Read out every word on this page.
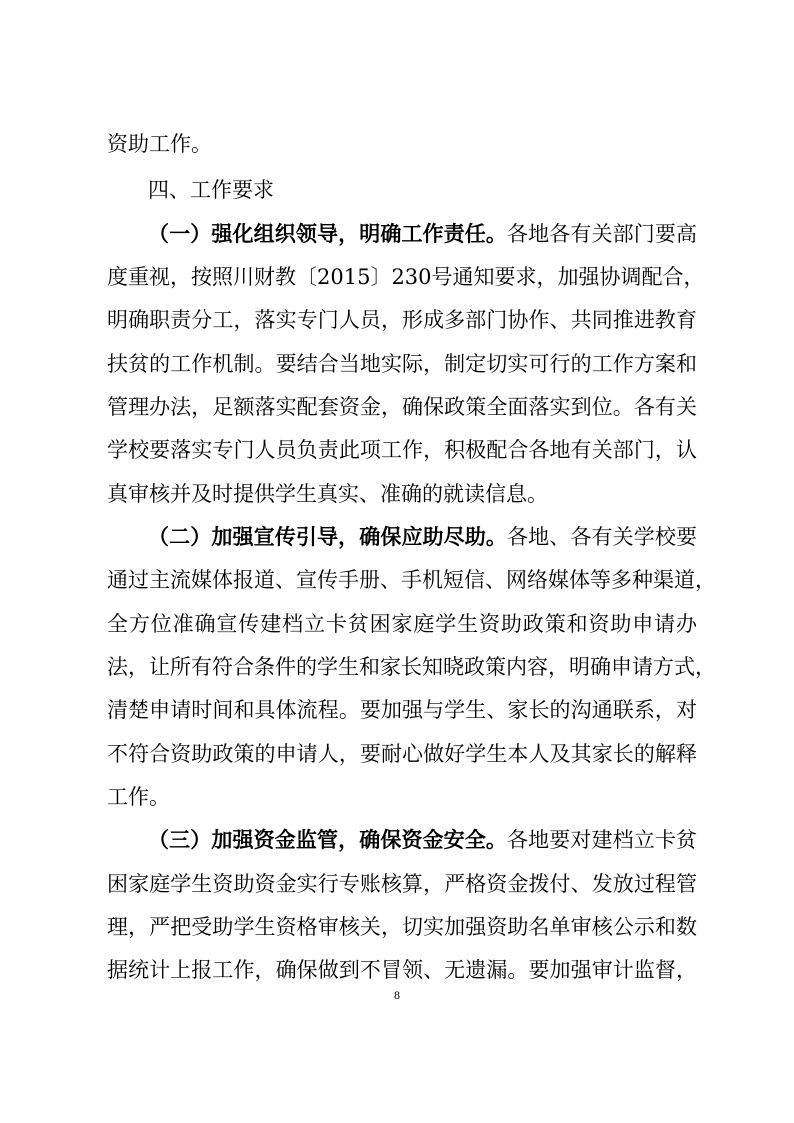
资助工作。
四、工作要求
（一）强化组织领导，明确工作责任。各地各有关部门要高
度重视，按照川财教〔2015〕230号通知要求，加强协调配合，
明确职责分工，落实专门人员，形成多部门协作、共同推进教育
扶贫的工作机制。要结合当地实际，制定切实可行的工作方案和
管理办法，足额落实配套资金，确保政策全面落实到位。各有关
学校要落实专门人员负责此项工作，积极配合各地有关部门，认
真审核并及时提供学生真实、准确的就读信息。
（二）加强宣传引导，确保应助尽助。各地、各有关学校要
通过主流媒体报道、宣传手册、手机短信、网络媒体等多种渠道，
全方位准确宣传建档立卡贫困家庭学生资助政策和资助申请办
法，让所有符合条件的学生和家长知晓政策内容，明确申请方式，
清楚申请时间和具体流程。要加强与学生、家长的沟通联系，对
不符合资助政策的申请人，要耐心做好学生本人及其家长的解释
工作。
（三）加强资金监管，确保资金安全。各地要对建档立卡贫
困家庭学生资助资金实行专账核算，严格资金拨付、发放过程管
理，严把受助学生资格审核关，切实加强资助名单审核公示和数
据统计上报工作，确保做到不冒领、无遗漏。要加强审计监督，
8
